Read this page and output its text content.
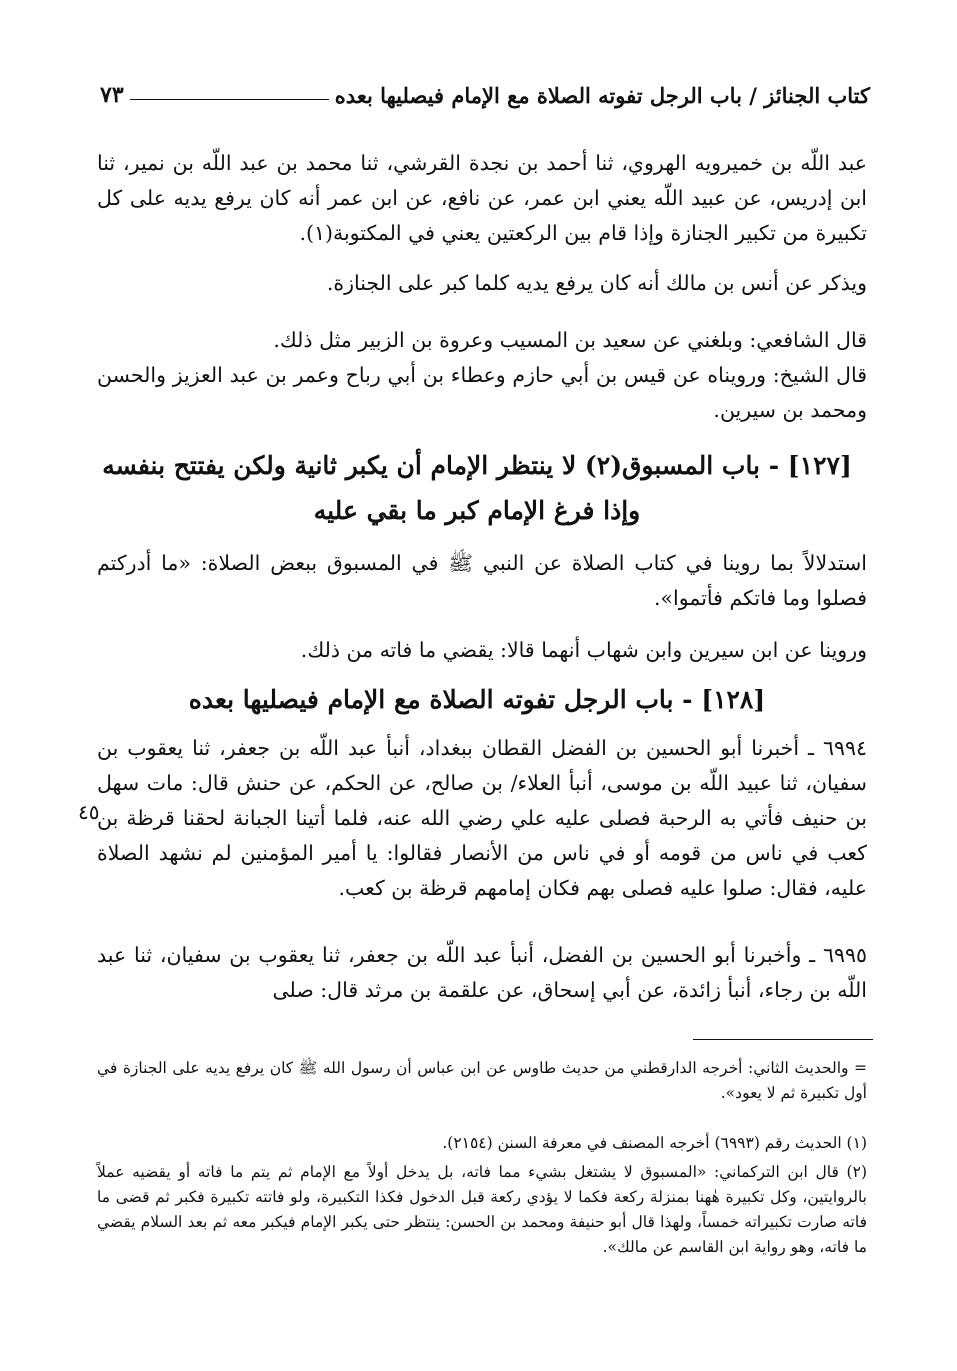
كتاب الجنائز / باب الرجل تفوته الصلاة مع الإمام فيصليها بعده
٧٣
عبد اللّه بن خميرويه الهروي، ثنا أحمد بن نجدة القرشي، ثنا محمد بن عبد اللّه بن نمير، ثنا ابن إدريس، عن عبيد اللّه يعني ابن عمر، عن نافع، عن ابن عمر أنه كان يرفع يديه على كل تكبيرة من تكبير الجنازة وإذا قام بين الركعتين يعني في المكتوبة(١).
ويذكر عن أنس بن مالك أنه كان يرفع يديه كلما كبر على الجنازة.
قال الشافعي: وبلغني عن سعيد بن المسيب وعروة بن الزبير مثل ذلك.
قال الشيخ: ورويناه عن قيس بن أبي حازم وعطاء بن أبي رباح وعمر بن عبد العزيز والحسن ومحمد بن سيرين.
[١٢٧] - باب المسبوق(٢) لا ينتظر الإمام أن يكبر ثانية ولكن يفتتح بنفسه وإذا فرغ الإمام كبر ما بقي عليه
استدلالاً بما روينا في كتاب الصلاة عن النبي ﷺ في المسبوق ببعض الصلاة: «ما أدركتم فصلوا وما فاتكم فأتموا».
وروينا عن ابن سيرين وابن شهاب أنهما قالا: يقضي ما فاته من ذلك.
[١٢٨] - باب الرجل تفوته الصلاة مع الإمام فيصليها بعده
٦٩٩٤ ـ أخبرنا أبو الحسين بن الفضل القطان ببغداد، أنبأ عبد اللّه بن جعفر، ثنا يعقوب بن سفيان، ثنا عبيد اللّه بن موسى، أنبأ العلاء/ بن صالح، عن الحكم، عن حنش قال: مات سهل بن حنيف فأتي به الرحبة فصلى عليه علي رضي الله عنه، فلما أتينا الجبانة لحقنا قرظة بن كعب في ناس من قومه أو في ناس من الأنصار فقالوا: يا أمير المؤمنين لم نشهد الصلاة عليه، فقال: صلوا عليه فصلى بهم فكان إمامهم قرظة بن كعب.
٤٥
٦٩٩٥ ـ وأخبرنا أبو الحسين بن الفضل، أنبأ عبد اللّه بن جعفر، ثنا يعقوب بن سفيان، ثنا عبد اللّه بن رجاء، أنبأ زائدة، عن أبي إسحاق، عن علقمة بن مرثد قال: صلى
= والحديث الثاني: أخرجه الدارقطني من حديث طاوس عن ابن عباس أن رسول الله ﷺ كان يرفع يديه على الجنازة في أول تكبيرة ثم لا يعود».
(١) الحديث رقم (٦٩٩٣) أخرجه المصنف في معرفة السنن (٢١٥٤).
(٢) قال ابن التركماني: «المسبوق لا يشتغل بشيء مما فاته، بل يدخل أولاً مع الإمام ثم يتم ما فاته أو يقضيه عملاً بالروايتين، وكل تكبيرة هٰهنا بمنزلة ركعة فكما لا يؤدي ركعة قبل الدخول فكذا التكبيرة، ولو فاتته تكبيرة فكبر ثم قضى ما فاته صارت تكبيراته خمساً، ولهذا قال أبو حنيفة ومحمد بن الحسن: ينتظر حتى يكبر الإمام فيكبر معه ثم بعد السلام يقضي ما فاته، وهو رواية ابن القاسم عن مالك».
